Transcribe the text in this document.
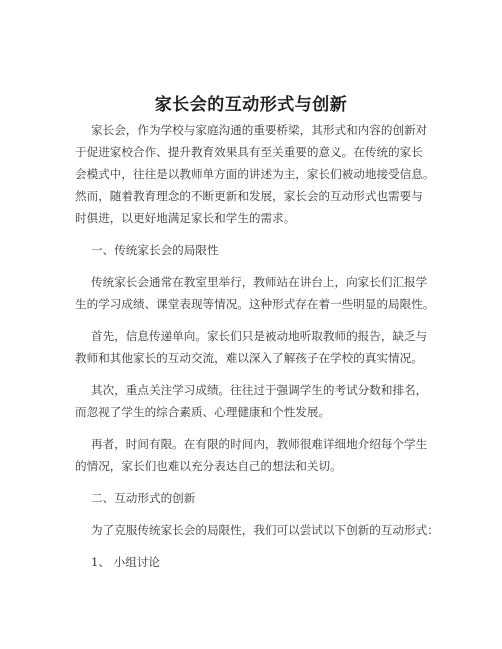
家长会的互动形式与创新
家长会，作为学校与家庭沟通的重要桥梁，其形式和内容的创新对
于促进家校合作、提升教育效果具有至关重要的意义。在传统的家长
会模式中，往往是以教师单方面的讲述为主，家长们被动地接受信息。
然而，随着教育理念的不断更新和发展，家长会的互动形式也需要与
时俱进，以更好地满足家长和学生的需求。
一、传统家长会的局限性
传统家长会通常在教室里举行，教师站在讲台上，向家长们汇报学
生的学习成绩、课堂表现等情况。这种形式存在着一些明显的局限性。
首先，信息传递单向。家长们只是被动地听取教师的报告，缺乏与
教师和其他家长的互动交流，难以深入了解孩子在学校的真实情况。
其次，重点关注学习成绩。往往过于强调学生的考试分数和排名，
而忽视了学生的综合素质、心理健康和个性发展。
再者，时间有限。在有限的时间内，教师很难详细地介绍每个学生
的情况，家长们也难以充分表达自己的想法和关切。
二、互动形式的创新
为了克服传统家长会的局限性，我们可以尝试以下创新的互动形式：
1、 小组讨论
